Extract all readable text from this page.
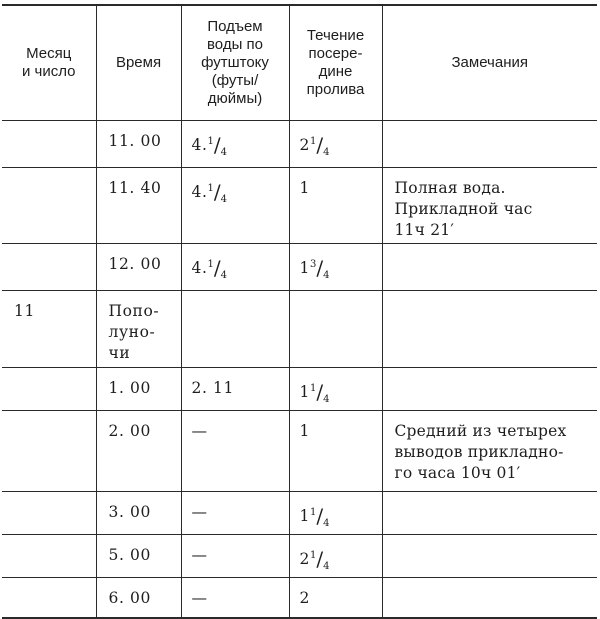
Месяц
и число	Время	Подъем
воды по
футштоку
(футы/
дюймы)	Течение
посере-
дине
пролива	Замечания
	11. 00	$4.^1/_4$	$2^1/_4$	
	11. 40	$4.^1/_4$	1	Полная вода.
Прикладной час
11ч 21′
	12. 00	$4.^1/_4$	$1^3/_4$	
11	Попо-
луно-
чи			
	1. 00	2. 11	$1^1/_4$	
	2. 00	—	1	Средний из четырех
выводов прикладно-
го часа 10ч 01′
	3. 00	—	$1^1/_4$	
	5. 00	—	$2^1/_4$	
	6. 00	—	2	
